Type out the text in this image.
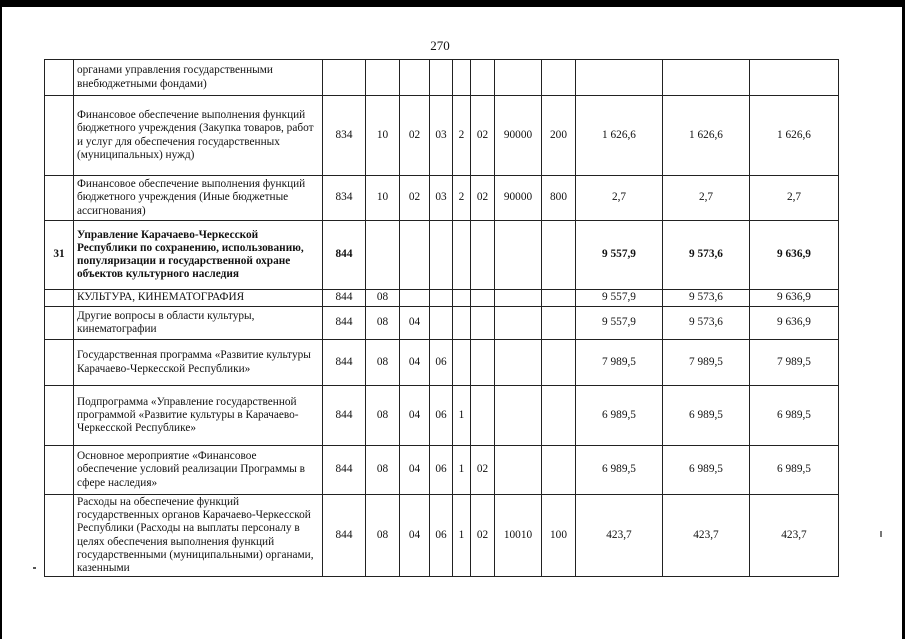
270
	органами управления государственными внебюджетными фондами)											
	Финансовое обеспечение выполнения функций бюджетного учреждения (Закупка товаров, работ и услуг для обеспечения государственных (муниципальных) нужд)	834	10	02	03	2	02	90000	200	1 626,6	1 626,6	1 626,6
	Финансовое обеспечение выполнения функций бюджетного учреждения (Иные бюджетные ассигнования)	834	10	02	03	2	02	90000	800	2,7	2,7	2,7
31	Управление Карачаево-Черкесской Республики по сохранению, использованию, популяризации и государственной охране объектов культурного наследия	844								9 557,9	9 573,6	9 636,9
	КУЛЬТУРА, КИНЕМАТОГРАФИЯ	844	08							9 557,9	9 573,6	9 636,9
	Другие вопросы в области культуры, кинематографии	844	08	04						9 557,9	9 573,6	9 636,9
	Государственная программа «Развитие культуры Карачаево-Черкесской Республики»	844	08	04	06					7 989,5	7 989,5	7 989,5
	Подпрограмма «Управление государственной программой «Развитие культуры в Карачаево-Черкесской Республике»	844	08	04	06	1				6 989,5	6 989,5	6 989,5
	Основное мероприятие «Финансовое обеспечение условий реализации Программы в сфере наследия»	844	08	04	06	1	02			6 989,5	6 989,5	6 989,5
	Расходы на обеспечение функций государственных органов Карачаево-Черкесской Республики (Расходы на выплаты персоналу в целях обеспечения выполнения функций государственными (муниципальными) органами, казенными	844	08	04	06	1	02	10010	100	423,7	423,7	423,7
